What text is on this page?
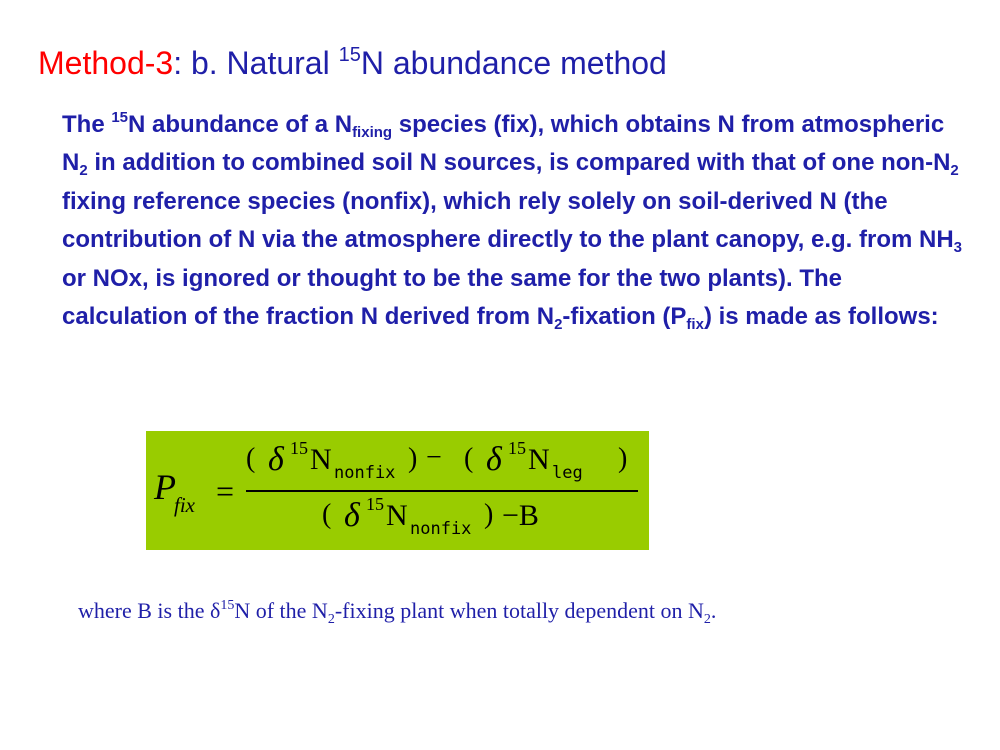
Method-3: b. Natural $^{15}$N abundance method

The $^{15}$N abundance of a $N_{fixing}$ species (fix), which obtains N from atmospheric $N_2$ in addition to combined soil N sources, is compared with that of one non-$N_2$ fixing reference species (nonfix), which rely solely on soil-derived N (the contribution of N via the atmosphere directly to the plant canopy, e.g. from $NH_3$ or NOx, is ignored or thought to be the same for the two plants). The calculation of the fraction N derived from $N_2$-fixation $(P_{fix})$ is made as follows:

P
fix =
( δ 15 N nonfix ) − ( δ 15 N leg )
( δ 15 N nonfix ) −B

where B is the $\delta^{15}N$ of the $N_2$-fixing plant when totally dependent on $N_2$.
